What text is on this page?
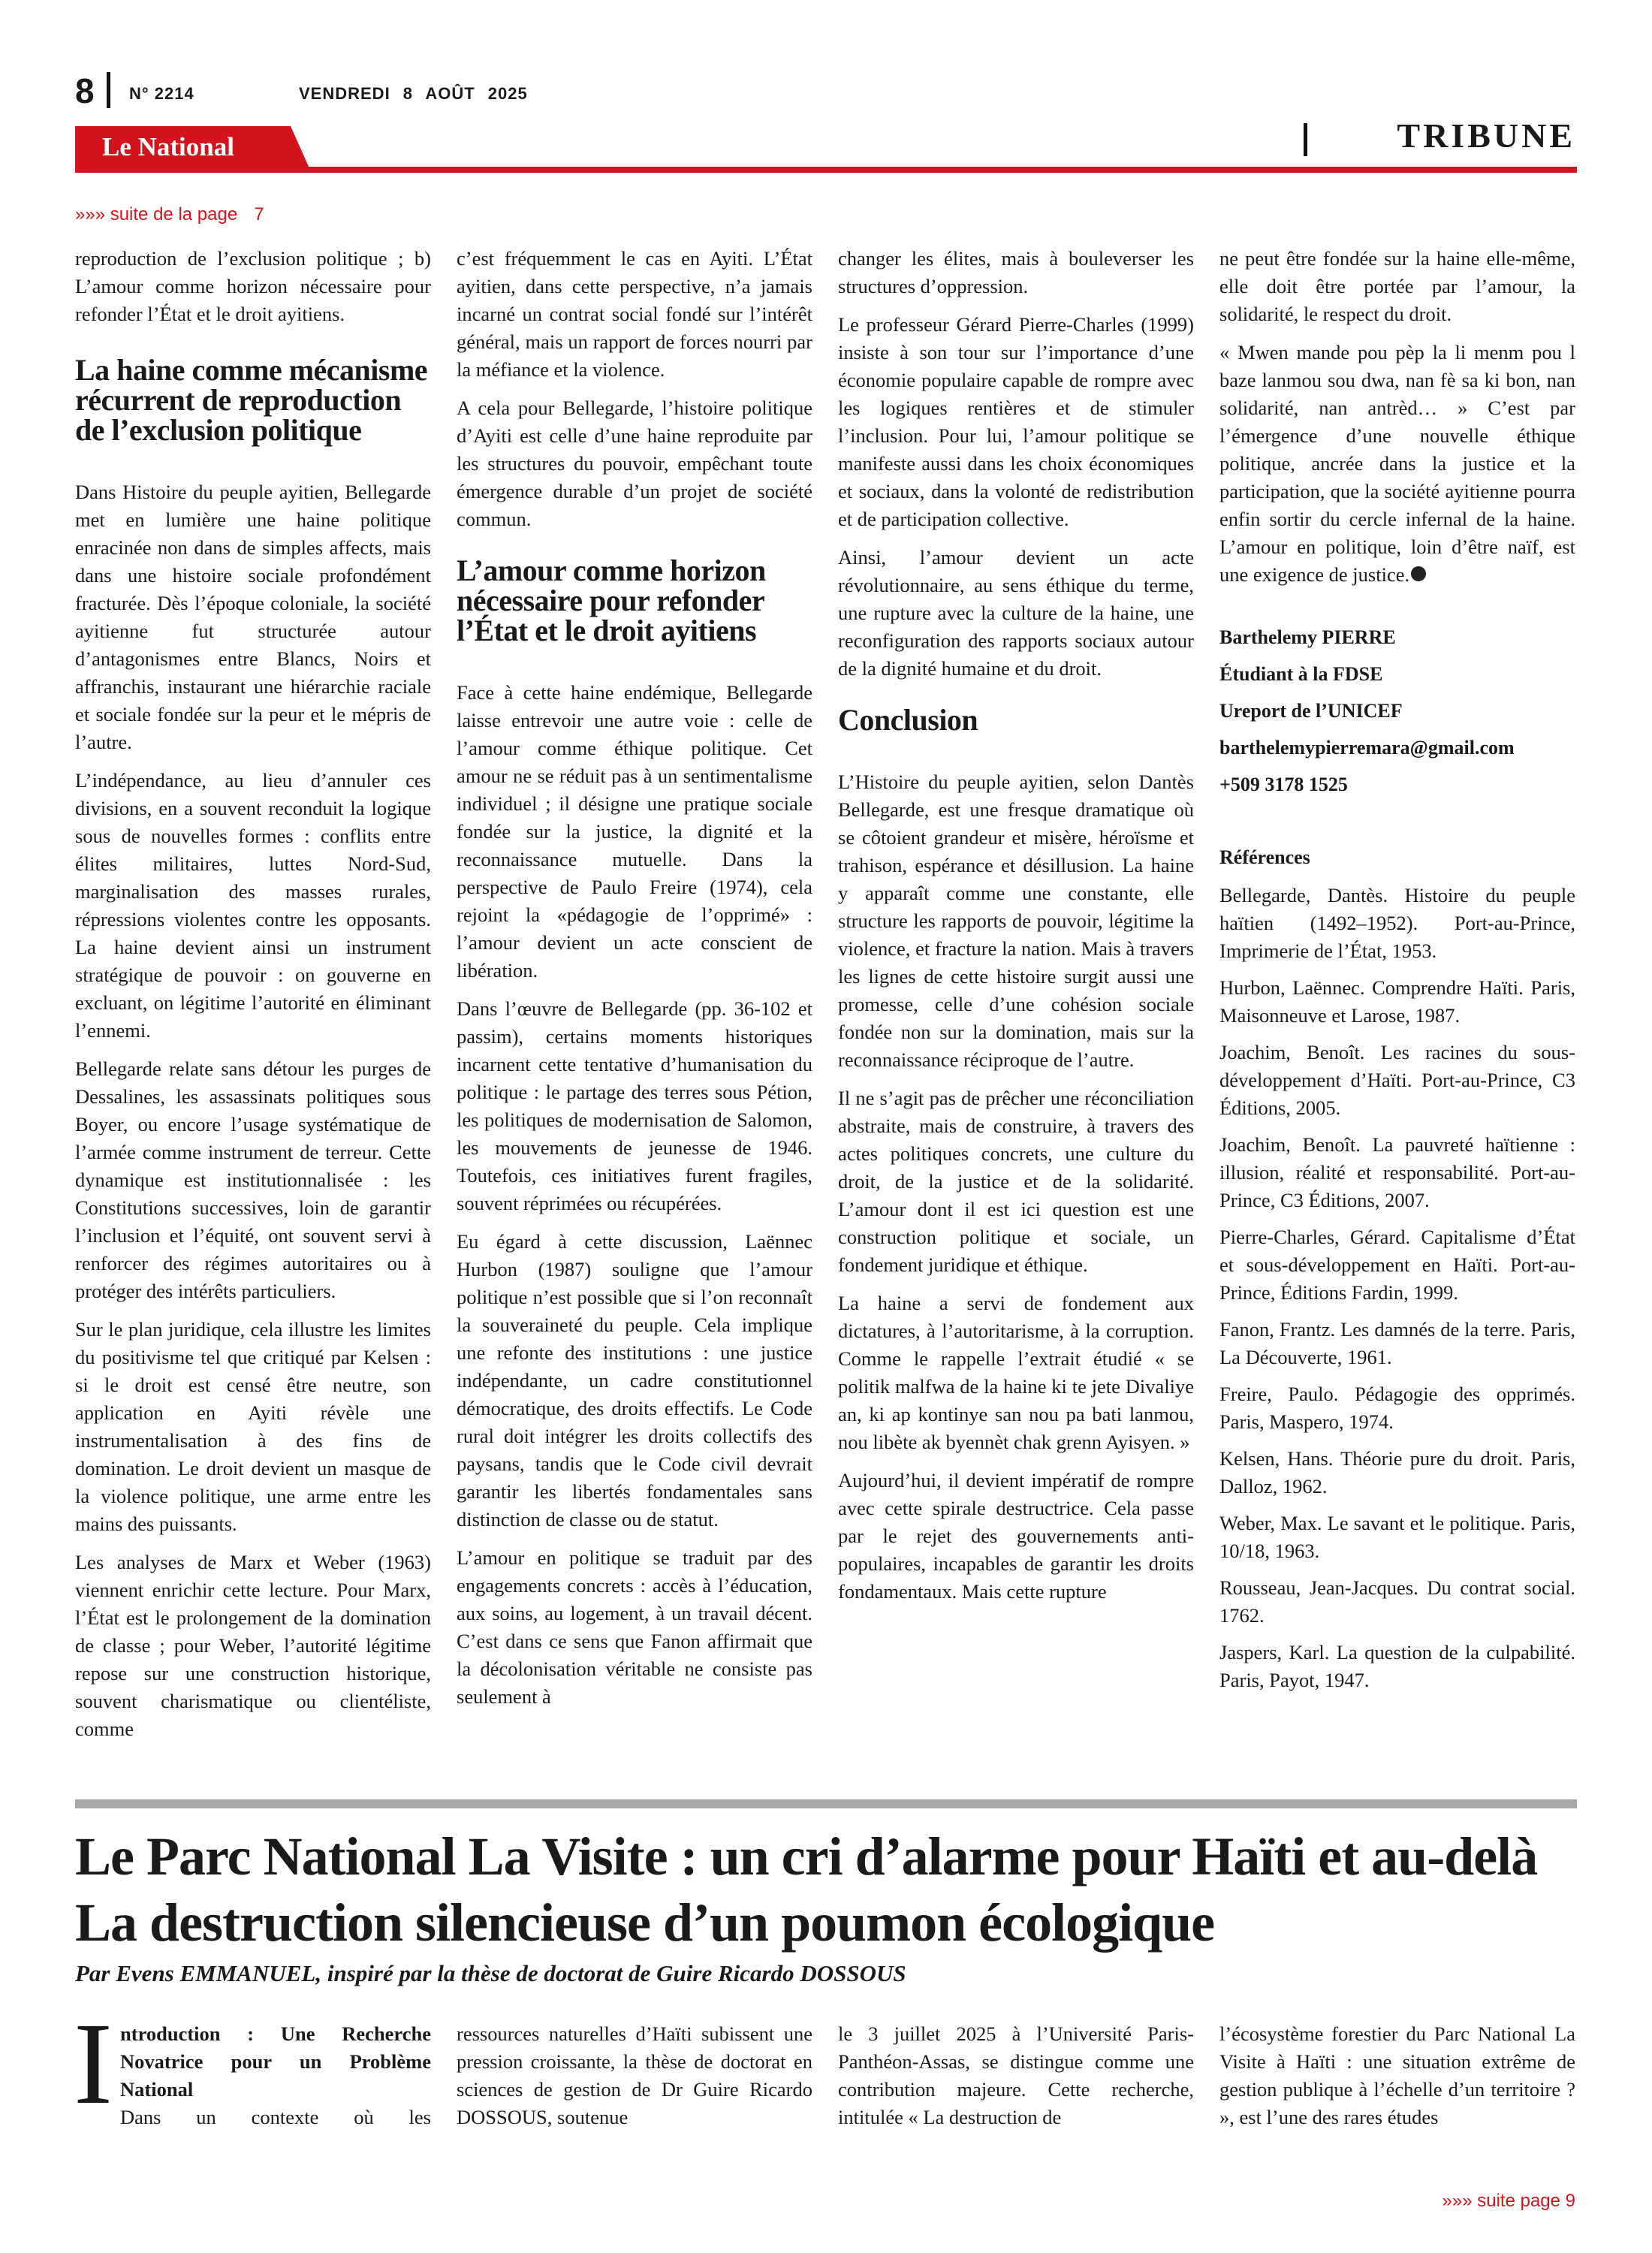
8 N° 2214	VENDREDI 8 AOÛT 2025
Le National	TRIBUNE
»»» suite de la page 7

reproduction de l’exclusion politique ; b) L’amour comme horizon nécessaire pour refonder l’État et le droit ayitiens.

La haine comme mécanisme récurrent de reproduction de l’exclusion politique

Dans Histoire du peuple ayitien, Bellegarde met en lumière une haine politique enracinée non dans de simples affects, mais dans une histoire sociale profondément fracturée. Dès l’époque coloniale, la société ayitienne fut structurée autour d’antagonismes entre Blancs, Noirs et affranchis, instaurant une hiérarchie raciale et sociale fondée sur la peur et le mépris de l’autre.

L’indépendance, au lieu d’annuler ces divisions, en a souvent reconduit la logique sous de nouvelles formes : conflits entre élites militaires, luttes Nord-Sud, marginalisation des masses rurales, répressions violentes contre les opposants. La haine devient ainsi un instrument stratégique de pouvoir : on gouverne en excluant, on légitime l’autorité en éliminant l’ennemi.

Bellegarde relate sans détour les purges de Dessalines, les assassinats politiques sous Boyer, ou encore l’usage systématique de l’armée comme instrument de terreur. Cette dynamique est institutionnalisée : les Constitutions successives, loin de garantir l’inclusion et l’équité, ont souvent servi à renforcer des régimes autoritaires ou à protéger des intérêts particuliers.

Sur le plan juridique, cela illustre les limites du positivisme tel que critiqué par Kelsen : si le droit est censé être neutre, son application en Ayiti révèle une instrumentalisation à des fins de domination. Le droit devient un masque de la violence politique, une arme entre les mains des puissants.

Les analyses de Marx et Weber (1963) viennent enrichir cette lecture. Pour Marx, l’État est le prolongement de la domination de classe ; pour Weber, l’autorité légitime repose sur une construction historique, souvent charismatique ou clientéliste, comme

c’est fréquemment le cas en Ayiti. L’État ayitien, dans cette perspective, n’a jamais incarné un contrat social fondé sur l’intérêt général, mais un rapport de forces nourri par la méfiance et la violence.

A cela pour Bellegarde, l’histoire politique d’Ayiti est celle d’une haine reproduite par les structures du pouvoir, empêchant toute émergence durable d’un projet de société commun.

L’amour comme horizon nécessaire pour refonder l’État et le droit ayitiens

Face à cette haine endémique, Bellegarde laisse entrevoir une autre voie : celle de l’amour comme éthique politique. Cet amour ne se réduit pas à un sentimentalisme individuel ; il désigne une pratique sociale fondée sur la justice, la dignité et la reconnaissance mutuelle. Dans la perspective de Paulo Freire (1974), cela rejoint la «pédagogie de l’opprimé» : l’amour devient un acte conscient de libération.

Dans l’œuvre de Bellegarde (pp. 36-102 et passim), certains moments historiques incarnent cette tentative d’humanisation du politique : le partage des terres sous Pétion, les politiques de modernisation de Salomon, les mouvements de jeunesse de 1946. Toutefois, ces initiatives furent fragiles, souvent réprimées ou récupérées.

Eu égard à cette discussion, Laënnec Hurbon (1987) souligne que l’amour politique n’est possible que si l’on reconnaît la souveraineté du peuple. Cela implique une refonte des institutions : une justice indépendante, un cadre constitutionnel démocratique, des droits effectifs. Le Code rural doit intégrer les droits collectifs des paysans, tandis que le Code civil devrait garantir les libertés fondamentales sans distinction de classe ou de statut.

L’amour en politique se traduit par des engagements concrets : accès à l’éducation, aux soins, au logement, à un travail décent. C’est dans ce sens que Fanon affirmait que la décolonisation véritable ne consiste pas seulement à

changer les élites, mais à bouleverser les structures d’oppression.

Le professeur Gérard Pierre-Charles (1999) insiste à son tour sur l’importance d’une économie populaire capable de rompre avec les logiques rentières et de stimuler l’inclusion. Pour lui, l’amour politique se manifeste aussi dans les choix économiques et sociaux, dans la volonté de redistribution et de participation collective.

Ainsi, l’amour devient un acte révolutionnaire, au sens éthique du terme, une rupture avec la culture de la haine, une reconfiguration des rapports sociaux autour de la dignité humaine et du droit.

Conclusion

L’Histoire du peuple ayitien, selon Dantès Bellegarde, est une fresque dramatique où se côtoient grandeur et misère, héroïsme et trahison, espérance et désillusion. La haine y apparaît comme une constante, elle structure les rapports de pouvoir, légitime la violence, et fracture la nation. Mais à travers les lignes de cette histoire surgit aussi une promesse, celle d’une cohésion sociale fondée non sur la domination, mais sur la reconnaissance réciproque de l’autre.

Il ne s’agit pas de prêcher une réconciliation abstraite, mais de construire, à travers des actes politiques concrets, une culture du droit, de la justice et de la solidarité. L’amour dont il est ici question est une construction politique et sociale, un fondement juridique et éthique.

La haine a servi de fondement aux dictatures, à l’autoritarisme, à la corruption. Comme le rappelle l’extrait étudié « se politik malfwa de la haine ki te jete Divaliye an, ki ap kontinye san nou pa bati lanmou, nou libète ak byennèt chak grenn Ayisyen. »

Aujourd’hui, il devient impératif de rompre avec cette spirale destructrice. Cela passe par le rejet des gouvernements anti-populaires, incapables de garantir les droits fondamentaux. Mais cette rupture

ne peut être fondée sur la haine elle-même, elle doit être portée par l’amour, la solidarité, le respect du droit.

« Mwen mande pou pèp la li menm pou l baze lanmou sou dwa, nan fè sa ki bon, nan solidarité, nan antrèd… » C’est par l’émergence d’une nouvelle éthique politique, ancrée dans la justice et la participation, que la société ayitienne pourra enfin sortir du cercle infernal de la haine. L’amour en politique, loin d’être naïf, est une exigence de justice.

Barthelemy PIERRE
Étudiant à la FDSE
Ureport de l’UNICEF
barthelemypierremara@gmail.com
+509 3178 1525
Références

Bellegarde, Dantès. Histoire du peuple haïtien (1492–1952). Port-au-Prince, Imprimerie de l’État, 1953.

Hurbon, Laënnec. Comprendre Haïti. Paris, Maisonneuve et Larose, 1987.

Joachim, Benoît. Les racines du sous-développement d’Haïti. Port-au-Prince, C3 Éditions, 2005.

Joachim, Benoît. La pauvreté haïtienne : illusion, réalité et responsabilité. Port-au-Prince, C3 Éditions, 2007.

Pierre-Charles, Gérard. Capitalisme d’État et sous-développement en Haïti. Port-au-Prince, Éditions Fardin, 1999.

Fanon, Frantz. Les damnés de la terre. Paris, La Découverte, 1961.

Freire, Paulo. Pédagogie des opprimés. Paris, Maspero, 1974.

Kelsen, Hans. Théorie pure du droit. Paris, Dalloz, 1962.

Weber, Max. Le savant et le politique. Paris, 10/18, 1963.

Rousseau, Jean-Jacques. Du contrat social. 1762.

Jaspers, Karl. La question de la culpabilité. Paris, Payot, 1947.

Le Parc National La Visite : un cri d’alarme pour Haïti et au-delà La destruction silencieuse d’un poumon écologique
Par Evens EMMANUEL, inspiré par la thèse de doctorat de Guire Ricardo DOSSOUS
I ntroduction : Une Recherche Novatrice pour un Problème National
Dans un contexte où les

ressources naturelles d’Haïti subissent une pression croissante, la thèse de doctorat en sciences de gestion de Dr Guire Ricardo DOSSOUS, soutenue

le 3 juillet 2025 à l’Université Paris-Panthéon-Assas, se distingue comme une contribution majeure. Cette recherche, intitulée « La destruction de

l’écosystème forestier du Parc National La Visite à Haïti : une situation extrême de gestion publique à l’échelle d’un territoire ? », est l’une des rares études

»»» suite page 9
